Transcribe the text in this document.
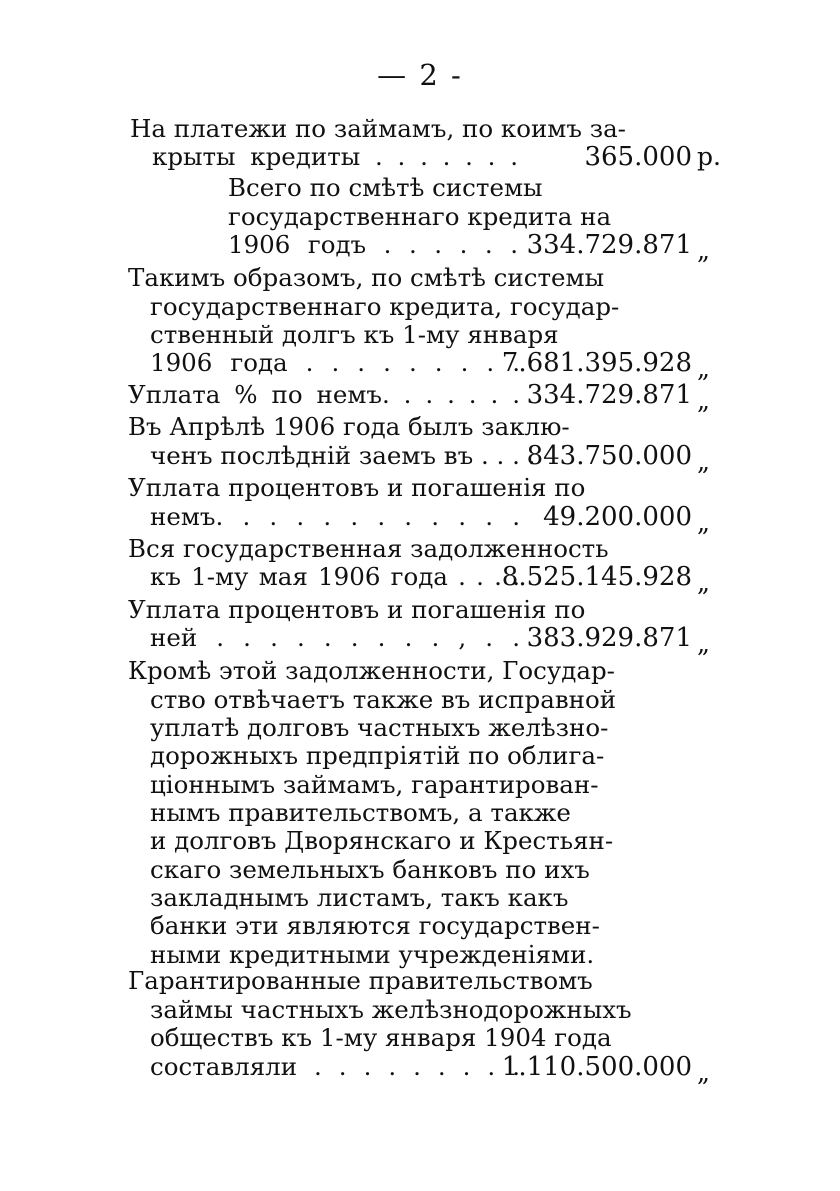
— 2 -
На платежи по займамъ, по коимъ за-
крыты кредиты . . . . . . .	365.000 р.
Всего по смѣтѣ системы
государственнаго кредита на
1906 годъ . . . . . . 334.729.871 „
Такимъ образомъ, по смѣтѣ системы
государственнаго кредита, государ-
ственный долгъ къ 1-му января
1906 года . . . . . . . . .
7.681.395.928 „
Уплата % по немъ. . . . . . . 334.729.871 „
Въ Апрѣлѣ 1906 года былъ заклю-
ченъ послѣдній заемъ въ . . . .
843.750.000 „
Уплата процентовъ и погашенія по
немъ. . . . . . . . . . . . 49.200.000 „
Вся государственная задолженность
къ 1-му мая 1906 года . . . .
8.525.145.928 „
Уплата процентовъ и погашенія по
ней . . . . . . . . . , . . 383.929.871 „
Кромѣ этой задолженности, Государ-
ство отвѣчаетъ также въ исправной
уплатѣ долговъ частныхъ желѣзно-
дорожныхъ предпріятій по облига-
ціоннымъ займамъ, гарантирован-
нымъ правительствомъ, а также
и долговъ Дворянскаго и Крестьян-
скаго земельныхъ банковъ по ихъ
закладнымъ листамъ, такъ какъ
банки эти являются государствен-
ными кредитными учрежденіями.
Гарантированные правительствомъ
займы частныхъ желѣзнодорожныхъ
обществъ къ 1-му января 1904 года
составляли . . . . . . . . .
1.110.500.000 „
